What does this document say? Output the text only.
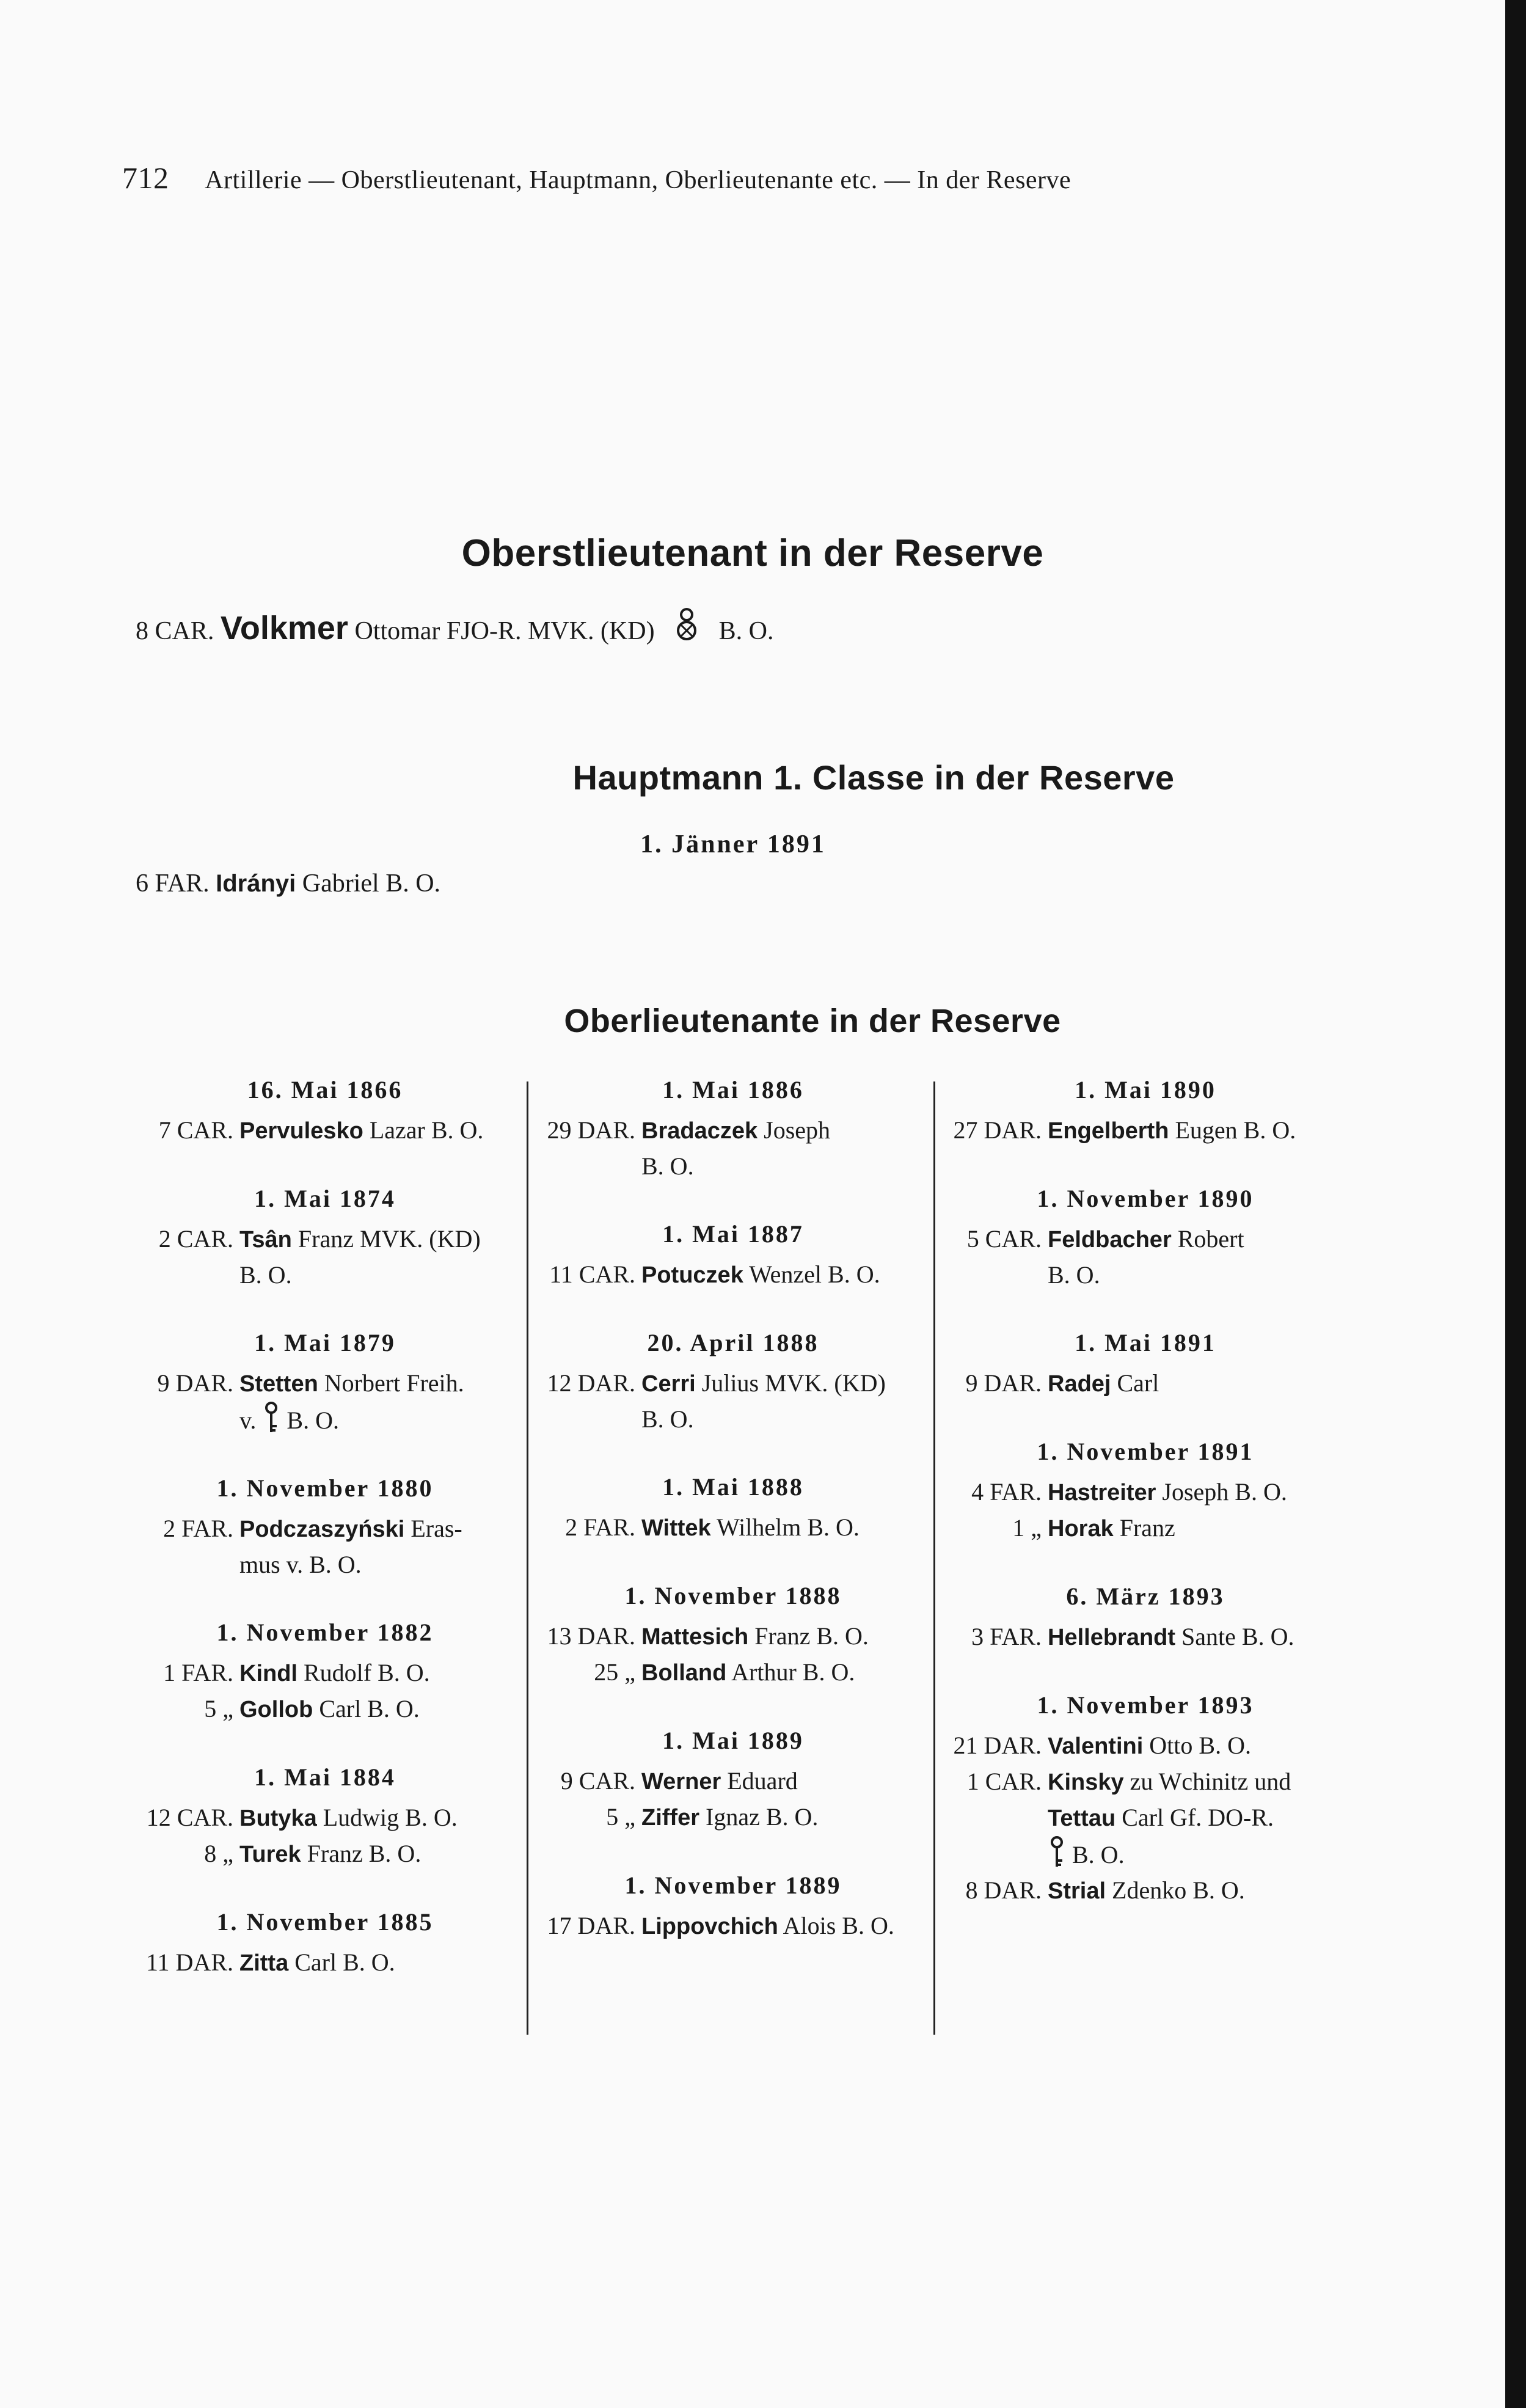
712 Artillerie — Oberstlieutenant, Hauptmann, Oberlieutenante etc. — In der Reserve
Oberstlieutenant in der Reserve
8 CAR. Volkmer Ottomar FJO-R. MVK. (KD)	B. O.
Hauptmann 1. Classe in der Reserve

1. Jänner 1891

6 FAR. Idrányi Gabriel B. O.
Oberlieutenante in der Reserve

16. Mai 1866

7 CAR. Pervulesko Lazar B. O.

1. Mai 1874

2 CAR. Tsân Franz MVK. (KD)
B. O.

1. Mai 1879

9 DAR. Stetten Norbert Freih.
v. B. O.

1. November 1880

2 FAR. Podczaszyński Eras-
mus v. B. O.

1. November 1882

1 FAR. Kindl Rudolf B. O.

5 „ Gollob Carl B. O.

1. Mai 1884

12 CAR. Butyka Ludwig B. O.

8 „ Turek Franz B. O.

1. November 1885

11 DAR. Zitta Carl B. O.

1. Mai 1886

29 DAR. Bradaczek Joseph
B. O.

1. Mai 1887

11 CAR. Potuczek Wenzel B. O.

20. April 1888

12 DAR. Cerri Julius MVK. (KD)
B. O.

1. Mai 1888

2 FAR. Wittek Wilhelm B. O.

1. November 1888

13 DAR. Mattesich Franz B. O.

25 „ Bolland Arthur B. O.

1. Mai 1889

9 CAR. Werner Eduard

5 „ Ziffer Ignaz B. O.

1. November 1889

17 DAR. Lippovchich Alois B. O.

1. Mai 1890

27 DAR. Engelberth Eugen B. O.

1. November 1890

5 CAR. Feldbacher Robert
B. O.

1. Mai 1891

9 DAR. Radej Carl

1. November 1891

4 FAR. Hastreiter Joseph B. O.

1 „ Horak Franz

6. März 1893

3 FAR. Hellebrandt Sante B. O.

1. November 1893

21 DAR. Valentini Otto B. O.

1 CAR. Kinsky zu Wchinitz und
Tettau Carl Gf. DO-R.
B. O.

8 DAR. Strial Zdenko B. O.
